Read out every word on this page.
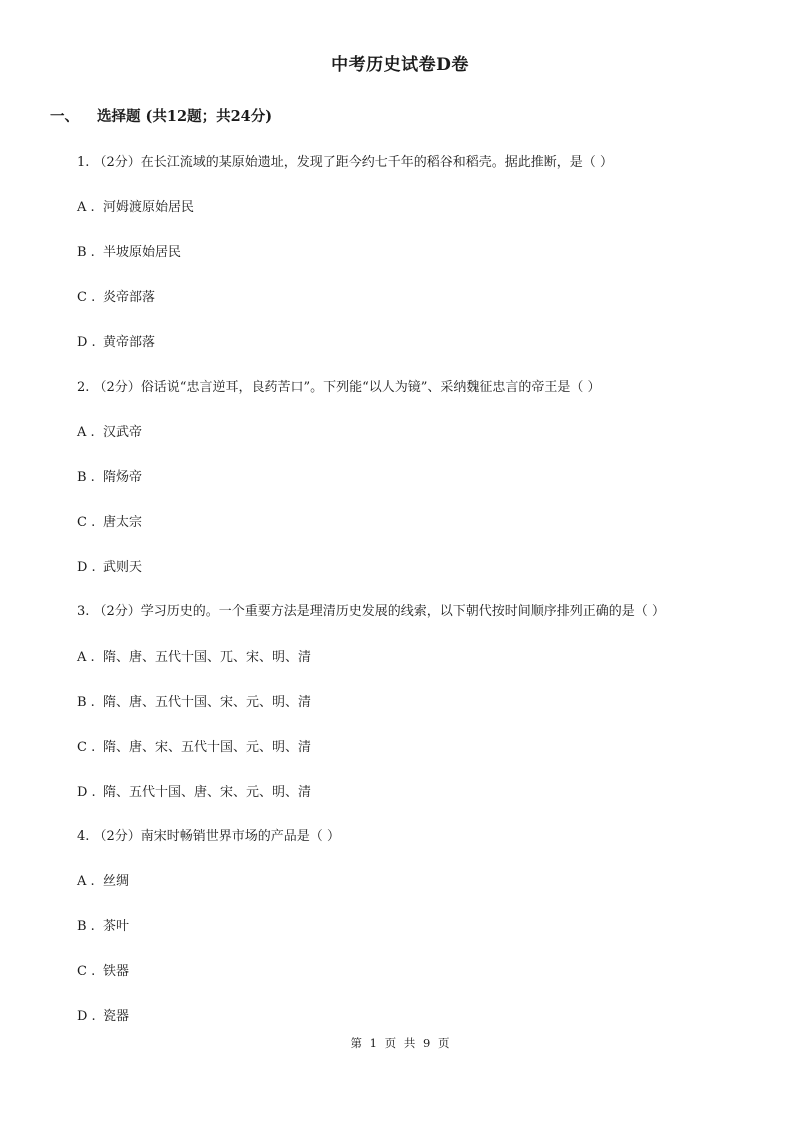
中考历史试卷D卷
一、 选择题 (共12题；共24分)
1. （2分）在长江流域的某原始遗址，发现了距今约七千年的稻谷和稻壳。据此推断，是（ ）
A . 河姆渡原始居民
B . 半坡原始居民
C . 炎帝部落
D . 黄帝部落
2. （2分）俗话说“忠言逆耳，良药苦口”。下列能“以人为镜”、采纳魏征忠言的帝王是（ ）
A . 汉武帝
B . 隋炀帝
C . 唐太宗
D . 武则天
3. （2分）学习历史的。一个重要方法是理清历史发展的线索，以下朝代按时间顺序排列正确的是（ ）
A . 隋、唐、五代十国、兀、宋、明、清
B . 隋、唐、五代十国、宋、元、明、清
C . 隋、唐、宋、五代十国、元、明、清
D . 隋、五代十国、唐、宋、元、明、清
4. （2分）南宋时畅销世界市场的产品是（ ）
A . 丝绸
B . 茶叶
C . 铁器
D . 瓷器
第 1 页 共 9 页
